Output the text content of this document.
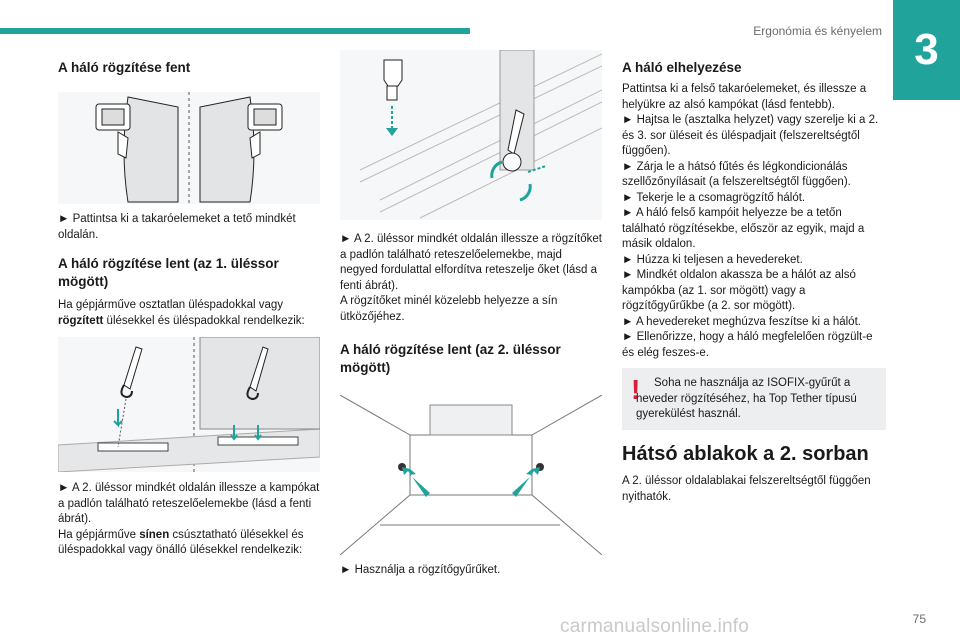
Ergonómia és kényelem 3
A háló rögzítése fent

► Pattintsa ki a takaróelemeket a tető mindkét oldalán.

A háló rögzítése lent (az 1. üléssor mögött)

Ha gépjárműve osztatlan üléspadokkal vagy rögzített ülésekkel és üléspadokkal rendelkezik:

► A 2. üléssor mindkét oldalán illessze a kampókat a padlón található reteszelőelemekbe (lásd a fenti ábrát).

Ha gépjárműve sínen csúsztatható ülésekkel és üléspadokkal vagy önálló ülésekkel rendelkezik:

► A 2. üléssor mindkét oldalán illessze a rögzítőket a padlón található reteszelőelemekbe, majd negyed fordulattal elfordítva reteszelje őket (lásd a fenti ábrát).

A rögzítőket minél közelebb helyezze a sín ütközőjéhez.

A háló rögzítése lent (az 2. üléssor mögött)

► Használja a rögzítőgyűrűket.

A háló elhelyezése

Pattintsa ki a felső takaróelemeket, és illessze a helyükre az alsó kampókat (lásd fentebb).

► Hajtsa le (asztalka helyzet) vagy szerelje ki a 2. és 3. sor üléseit és üléspadjait (felszereltségtől függően).

► Zárja le a hátsó fűtés és légkondicionálás szellőzőnyílásait (a felszereltségtől függően).

► Tekerje le a csomagrögzítő hálót.

► A háló felső kampóit helyezze be a tetőn található rögzítésekbe, először az egyik, majd a másik oldalon.

► Húzza ki teljesen a hevedereket.

► Mindkét oldalon akassza be a hálót az alsó kampókba (az 1. sor mögött) vagy a rögzítőgyűrűkbe (a 2. sor mögött).

► A hevedereket meghúzva feszítse ki a hálót.

► Ellenőrizze, hogy a háló megfelelően rögzült-e és elég feszes-e.

!	Soha ne használja az ISOFIX-gyűrűt a heveder rögzítéséhez, ha Top Tether típusú gyerekülést használ.
Hátsó ablakok a 2. sorban

A 2. üléssor oldalablakai felszereltségtől függően nyithatók.

carmanualsonline.info	75
